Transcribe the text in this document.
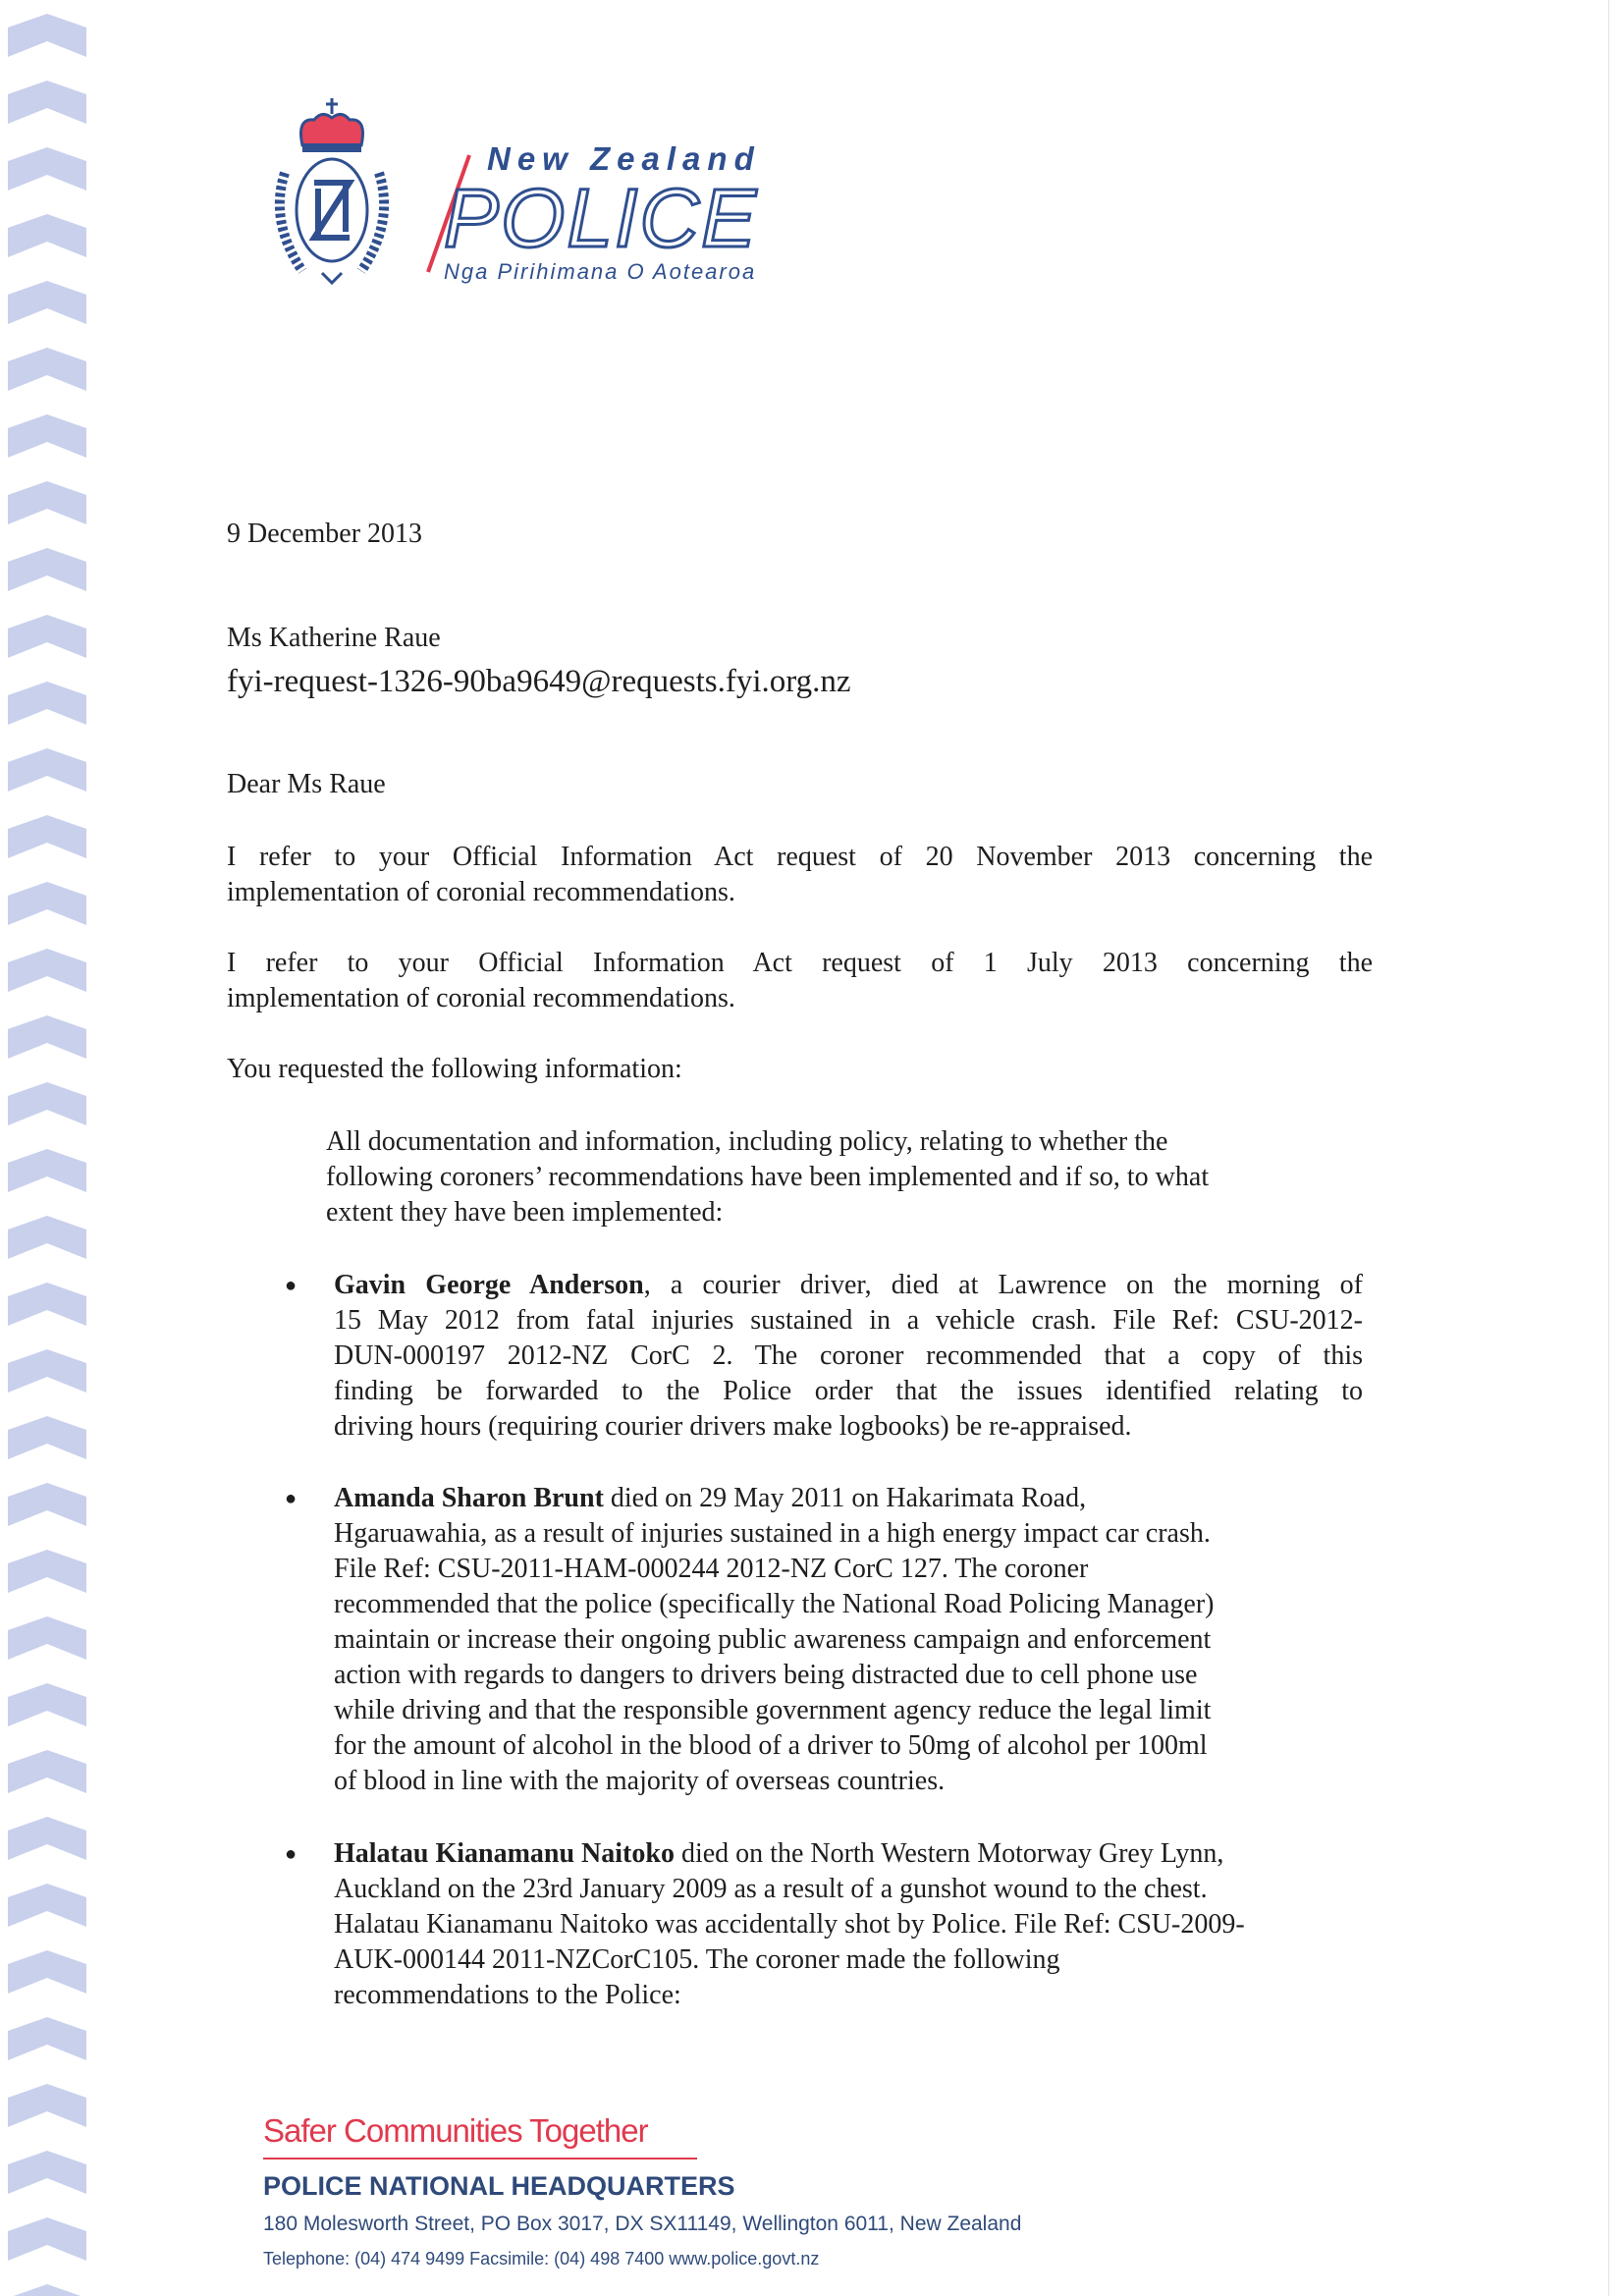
New Zealand
POLICE
Nga Pirihimana O Aotearoa
9 December 2013
Ms Katherine Raue
fyi-request-1326-90ba9649@requests.fyi.org.nz
Dear Ms Raue
I refer to your Official Information Act request of 20 November 2013 concerning the
implementation of coronial recommendations.
I refer to your Official Information Act request of 1 July 2013 concerning the
implementation of coronial recommendations.
You requested the following information:
All documentation and information, including policy, relating to whether the
following coroners’ recommendations have been implemented and if so, to what
extent they have been implemented:
● Gavin George Anderson, a courier driver, died at Lawrence on the morning of
15 May 2012 from fatal injuries sustained in a vehicle crash. File Ref: CSU-2012-
DUN-000197 2012-NZ CorC 2. The coroner recommended that a copy of this
finding be forwarded to the Police order that the issues identified relating to
driving hours (requiring courier drivers make logbooks) be re-appraised.
● Amanda Sharon Brunt died on 29 May 2011 on Hakarimata Road,
Hgaruawahia, as a result of injuries sustained in a high energy impact car crash.
File Ref: CSU-2011-HAM-000244 2012-NZ CorC 127. The coroner
recommended that the police (specifically the National Road Policing Manager)
maintain or increase their ongoing public awareness campaign and enforcement
action with regards to dangers to drivers being distracted due to cell phone use
while driving and that the responsible government agency reduce the legal limit
for the amount of alcohol in the blood of a driver to 50mg of alcohol per 100ml
of blood in line with the majority of overseas countries.
● Halatau Kianamanu Naitoko died on the North Western Motorway Grey Lynn,
Auckland on the 23rd January 2009 as a result of a gunshot wound to the chest.
Halatau Kianamanu Naitoko was accidentally shot by Police. File Ref: CSU-2009-
AUK-000144 2011-NZCorC105. The coroner made the following
recommendations to the Police:
Safer Communities Together
POLICE NATIONAL HEADQUARTERS
180 Molesworth Street, PO Box 3017, DX SX11149, Wellington 6011, New Zealand
Telephone: (04) 474 9499 Facsimile: (04) 498 7400 www.police.govt.nz
